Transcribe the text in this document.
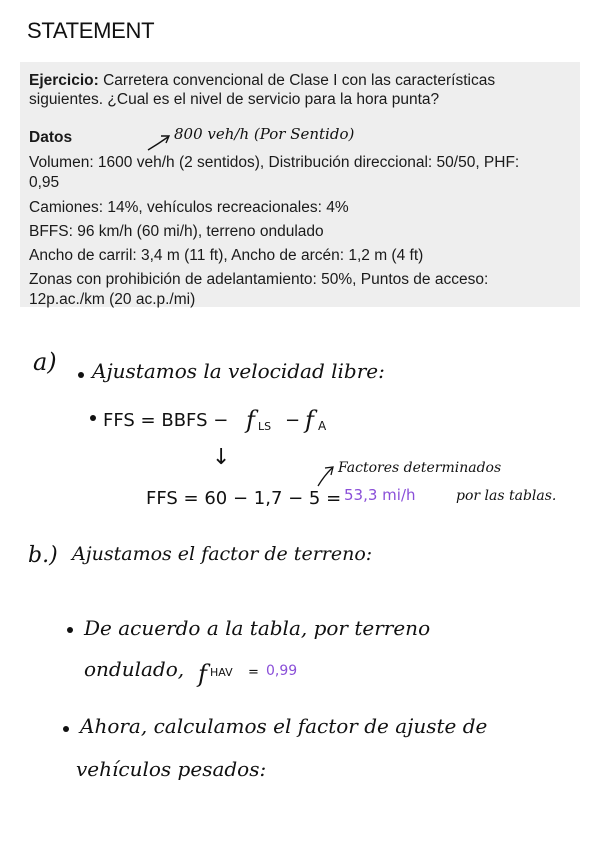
STATEMENT
Ejercicio: Carretera convencional de Clase I con las características
siguientes. ¿Cual es el nivel de servicio para la hora punta?
Datos
Volumen: 1600 veh/h (2 sentidos), Distribución direccional: 50/50, PHF:
0,95
Camiones: 14%, vehículos recreacionales: 4%
BFFS: 96 km/h (60 mi/h), terreno ondulado
Ancho de carril: 3,4 m (11 ft), Ancho de arcén: 1,2 m (4 ft)
Zonas con prohibición de adelantamiento: 50%, Puntos de acceso:
12p.ac./km (20 ac.p./mi)
800 veh/h (Por Sentido)
a) Ajustamos la velocidad libre:
FFS = BBFS − f LS − f A
↓	Factores determinados
FFS = 60 − 1,7 − 5 = 53,3 mi/h	por las tablas.
b.) Ajustamos el factor de terreno:
De acuerdo a la tabla, por terreno
ondulado, f HAV = 0,99
Ahora, calculamos el factor de ajuste de
vehículos pesados:
